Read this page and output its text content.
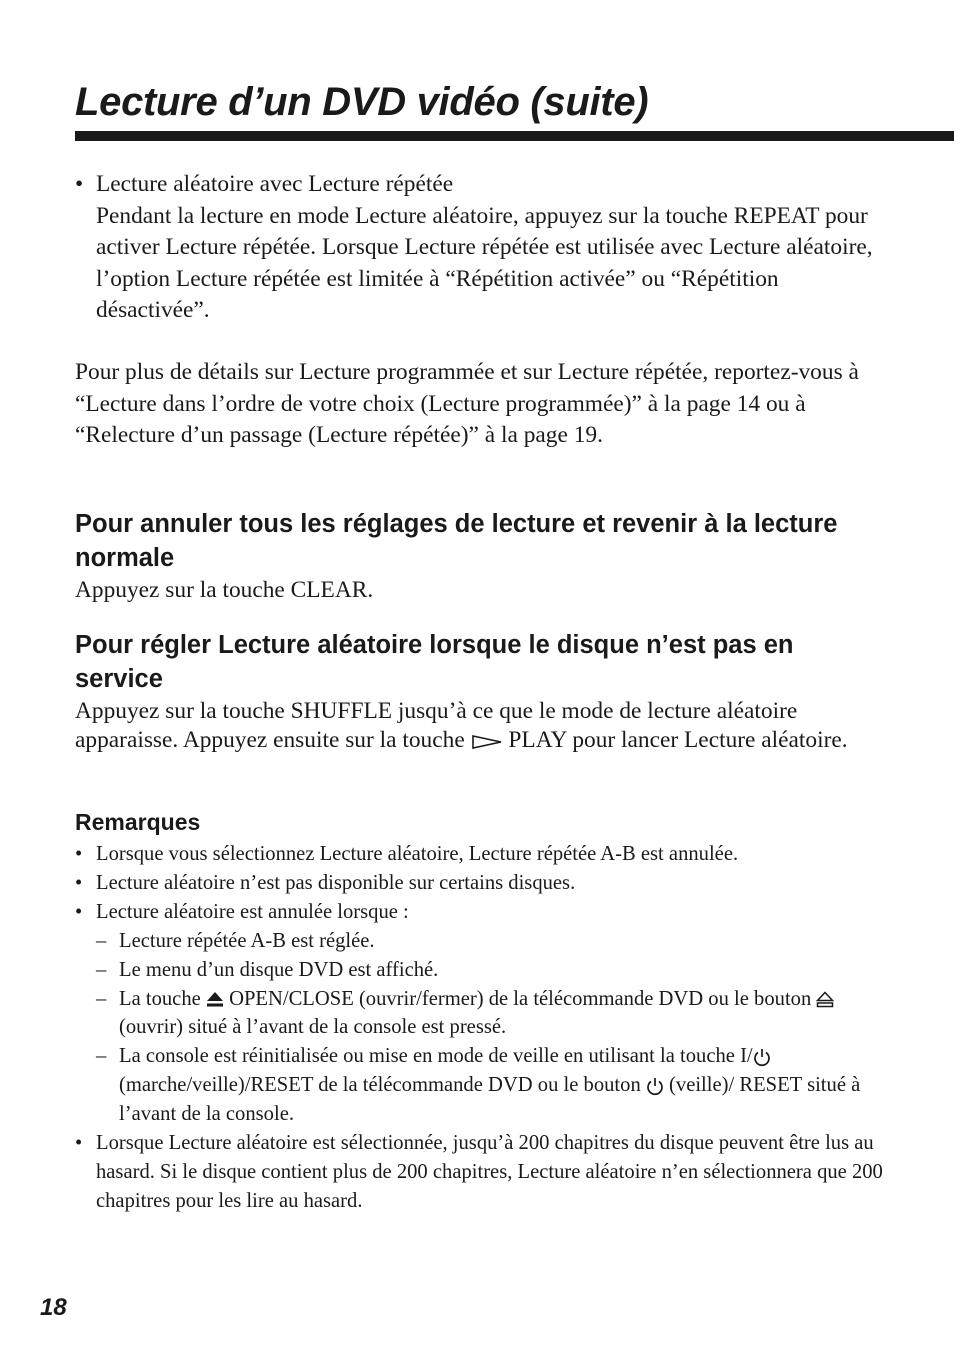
Lecture d’un DVD vidéo (suite)
• Lecture aléatoire avec Lecture répétée
Pendant la lecture en mode Lecture aléatoire, appuyez sur la touche REPEAT pour activer Lecture répétée. Lorsque Lecture répétée est utilisée avec Lecture aléatoire, l’option Lecture répétée est limitée à “Répétition activée” ou “Répétition désactivée”.

Pour plus de détails sur Lecture programmée et sur Lecture répétée, reportez-vous à “Lecture dans l’ordre de votre choix (Lecture programmée)” à la page 14 ou à “Relecture d’un passage (Lecture répétée)” à la page 19.

Pour annuler tous les réglages de lecture et revenir à la lecture normale

Appuyez sur la touche CLEAR.

Pour régler Lecture aléatoire lorsque le disque n’est pas en service

Appuyez sur la touche SHUFFLE jusqu’à ce que le mode de lecture aléatoire apparaisse. Appuyez ensuite sur la touche  PLAY pour lancer Lecture aléatoire.

Remarques
• Lorsque vous sélectionnez Lecture aléatoire, Lecture répétée A-B est annulée.
• Lecture aléatoire n’est pas disponible sur certains disques.
• Lecture aléatoire est annulée lorsque :
– Lecture répétée A-B est réglée.
– Le menu d’un disque DVD est affiché.
– La touche  OPEN/CLOSE (ouvrir/fermer) de la télécommande DVD ou le bouton  (ouvrir) situé à l’avant de la console est pressé.
– La console est réinitialisée ou mise en mode de veille en utilisant la touche I/ (marche/veille)/RESET de la télécommande DVD ou le bouton  (veille)/ RESET situé à l’avant de la console.
• Lorsque Lecture aléatoire est sélectionnée, jusqu’à 200 chapitres du disque peuvent être lus au hasard. Si le disque contient plus de 200 chapitres, Lecture aléatoire n’en sélectionnera que 200 chapitres pour les lire au hasard.
18
